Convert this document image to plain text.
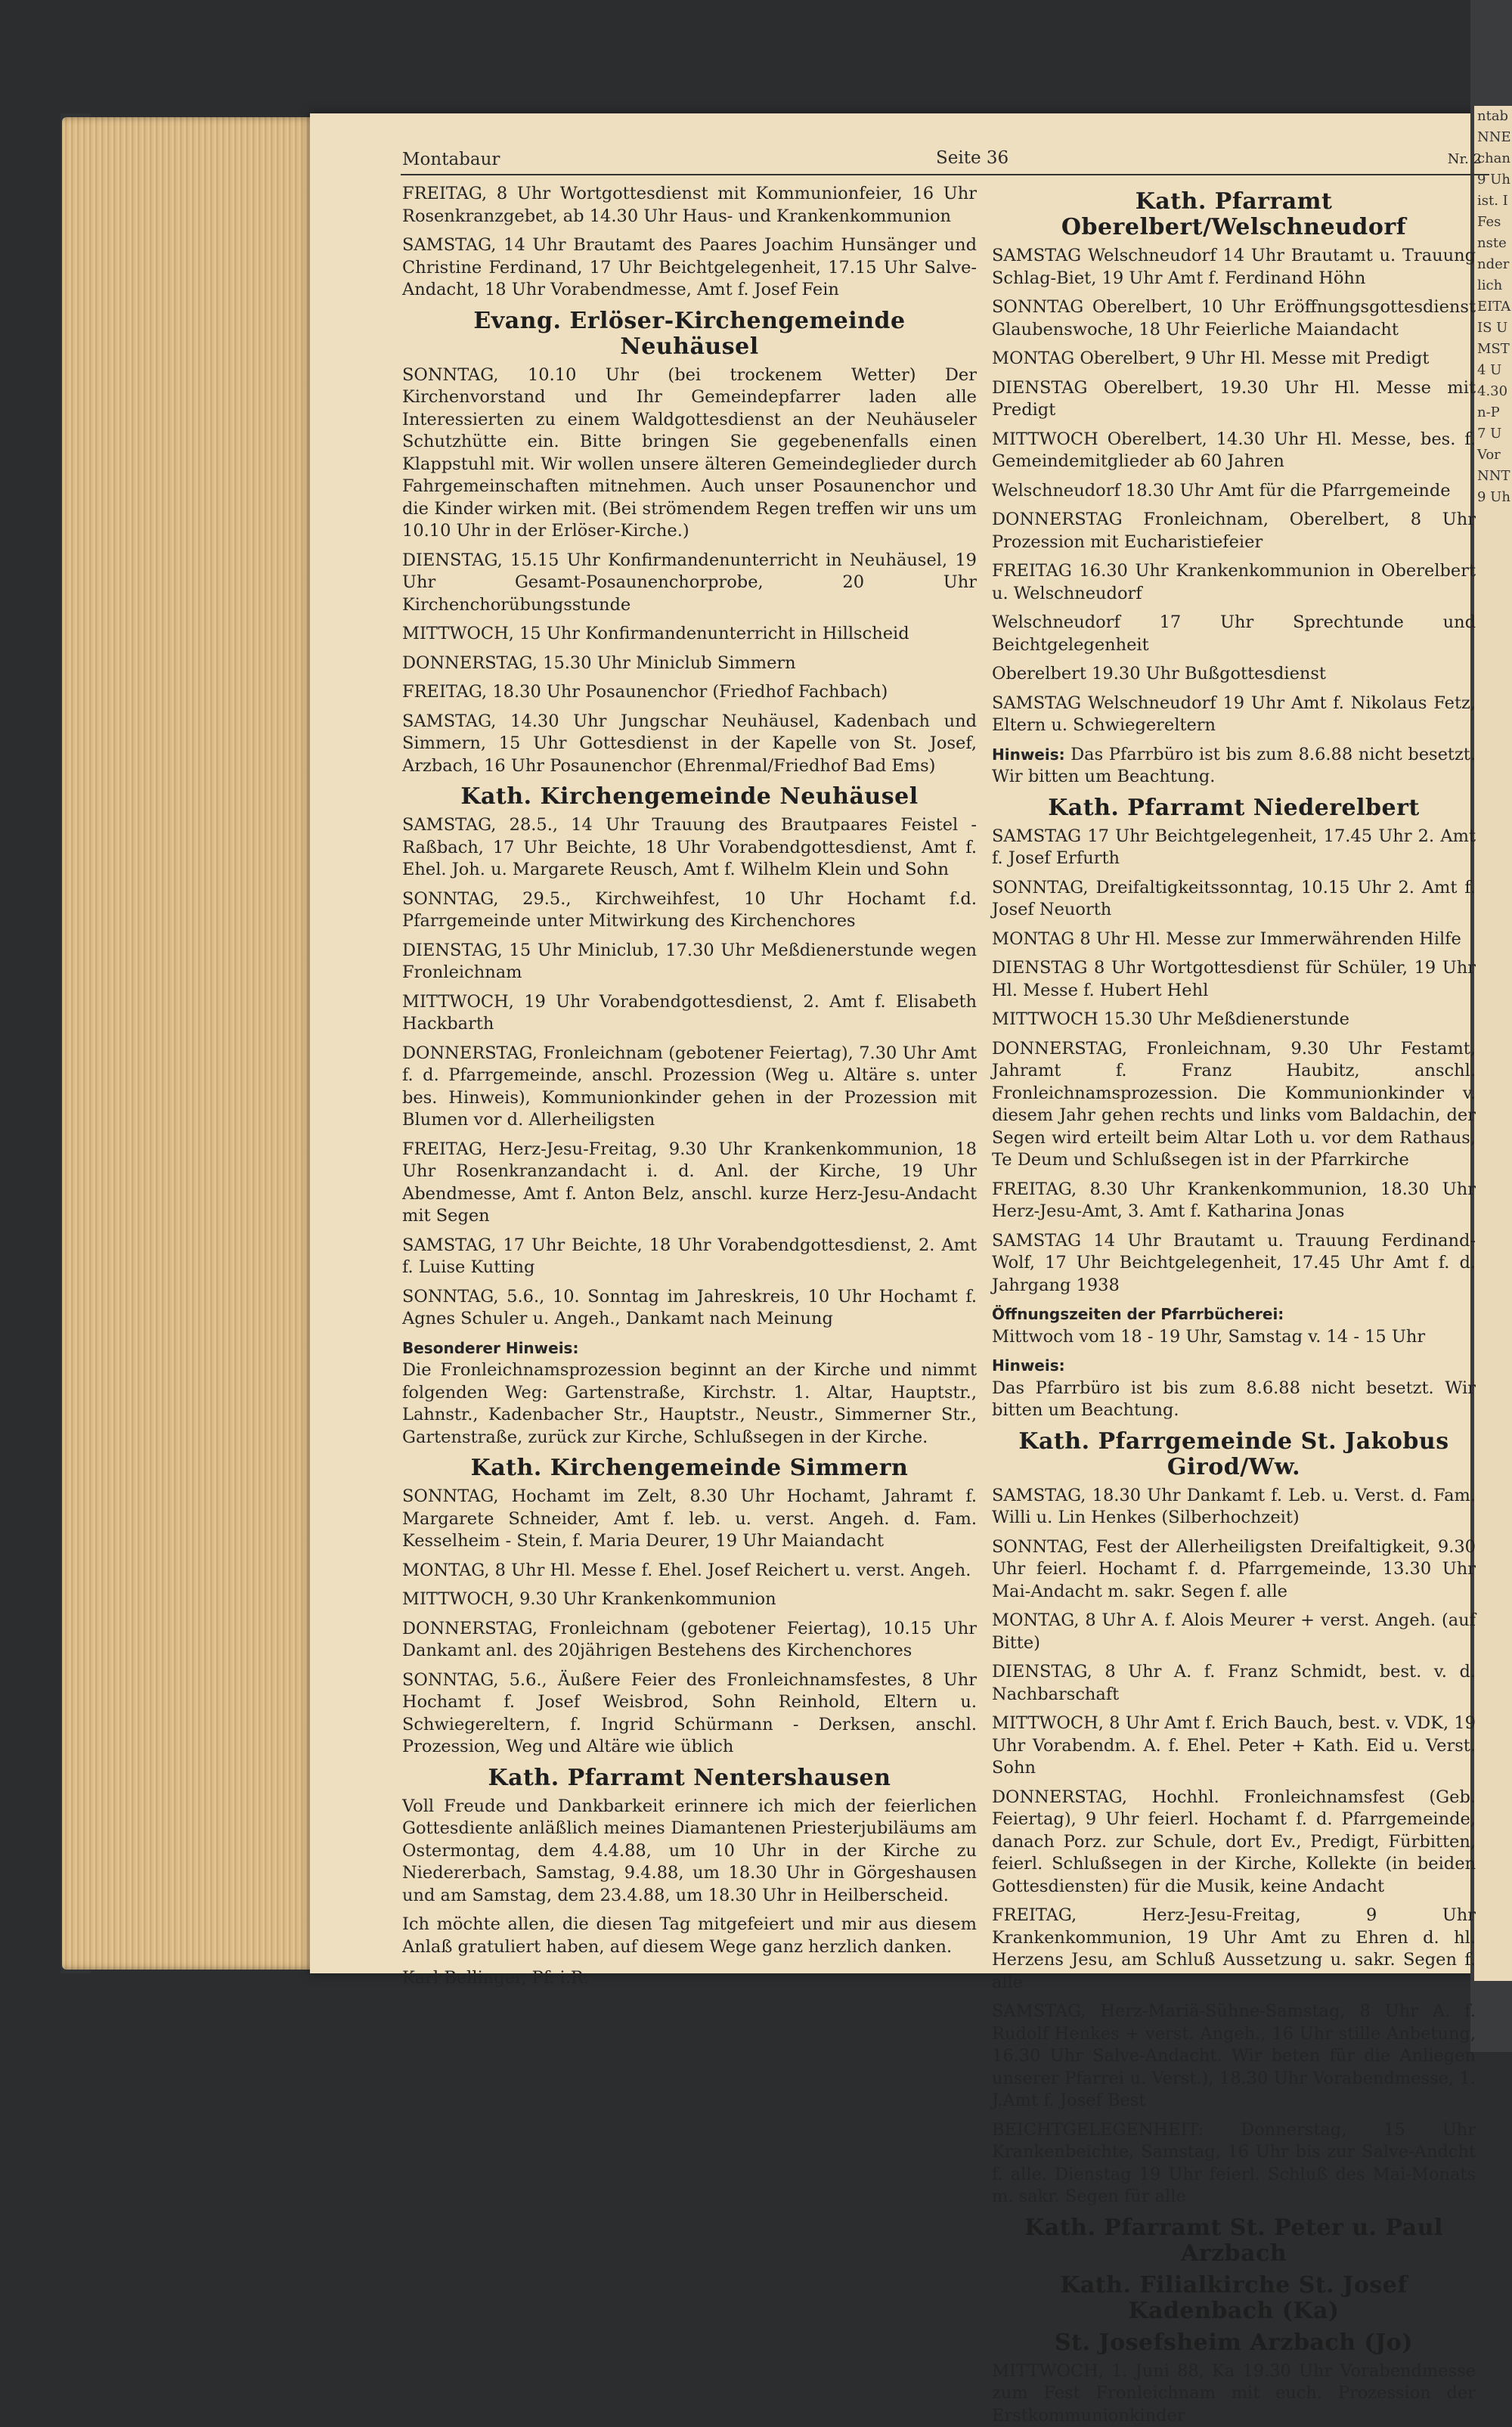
ntab
NNE
chan
9 Uh
ist. I
Fes
nste
nder
lich
EITA
IS U
MST
4 U
4.30
n-P
7 U
Vor
NNT
9 Uh
Montabaur	Seite 36	Nr. 2

FREITAG, 8 Uhr Wortgottesdienst mit Kommunionfeier, 16 Uhr Rosenkranzgebet, ab 14.30 Uhr Haus- und Krankenkommunion

SAMSTAG, 14 Uhr Brautamt des Paares Joachim Hunsänger und Christine Ferdinand, 17 Uhr Beichtgelegenheit, 17.15 Uhr Salve-Andacht, 18 Uhr Vorabendmesse, Amt f. Josef Fein

Evang. Erlöser-Kirchengemeinde Neuhäusel

SONNTAG, 10.10 Uhr (bei trockenem Wetter) Der Kirchenvorstand und Ihr Gemeindepfarrer laden alle Interessierten zu einem Waldgottesdienst an der Neuhäuseler Schutzhütte ein. Bitte bringen Sie gegebenenfalls einen Klappstuhl mit. Wir wollen unsere älteren Gemeindeglieder durch Fahrgemeinschaften mitnehmen. Auch unser Posaunenchor und die Kinder wirken mit. (Bei strömendem Regen treffen wir uns um 10.10 Uhr in der Erlöser-Kirche.)

DIENSTAG, 15.15 Uhr Konfirmandenunterricht in Neuhäusel, 19 Uhr Gesamt-Posaunenchorprobe, 20 Uhr Kirchenchorübungsstunde

MITTWOCH, 15 Uhr Konfirmandenunterricht in Hillscheid

DONNERSTAG, 15.30 Uhr Miniclub Simmern

FREITAG, 18.30 Uhr Posaunenchor (Friedhof Fachbach)

SAMSTAG, 14.30 Uhr Jungschar Neuhäusel, Kadenbach und Simmern, 15 Uhr Gottesdienst in der Kapelle von St. Josef, Arzbach, 16 Uhr Posaunenchor (Ehrenmal/Friedhof Bad Ems)

Kath. Kirchengemeinde Neuhäusel

SAMSTAG, 28.5., 14 Uhr Trauung des Brautpaares Feistel - Raßbach, 17 Uhr Beichte, 18 Uhr Vorabendgottesdienst, Amt f. Ehel. Joh. u. Margarete Reusch, Amt f. Wilhelm Klein und Sohn

SONNTAG, 29.5., Kirchweihfest, 10 Uhr Hochamt f.d. Pfarrgemeinde unter Mitwirkung des Kirchenchores

DIENSTAG, 15 Uhr Miniclub, 17.30 Uhr Meßdienerstunde wegen Fronleichnam

MITTWOCH, 19 Uhr Vorabendgottesdienst, 2. Amt f. Elisabeth Hackbarth

DONNERSTAG, Fronleichnam (gebotener Feiertag), 7.30 Uhr Amt f. d. Pfarrgemeinde, anschl. Prozession (Weg u. Altäre s. unter bes. Hinweis), Kommunionkinder gehen in der Prozession mit Blumen vor d. Allerheiligsten

FREITAG, Herz-Jesu-Freitag, 9.30 Uhr Krankenkommunion, 18 Uhr Rosenkranzandacht i. d. Anl. der Kirche, 19 Uhr Abendmesse, Amt f. Anton Belz, anschl. kurze Herz-Jesu-Andacht mit Segen

SAMSTAG, 17 Uhr Beichte, 18 Uhr Vorabendgottesdienst, 2. Amt f. Luise Kutting

SONNTAG, 5.6., 10. Sonntag im Jahreskreis, 10 Uhr Hochamt f. Agnes Schuler u. Angeh., Dankamt nach Meinung

Besonderer Hinweis:
Die Fronleichnamsprozession beginnt an der Kirche und nimmt folgenden Weg: Gartenstraße, Kirchstr. 1. Altar, Hauptstr., Lahnstr., Kadenbacher Str., Hauptstr., Neustr., Simmerner Str., Gartenstraße, zurück zur Kirche, Schlußsegen in der Kirche.

Kath. Kirchengemeinde Simmern

SONNTAG, Hochamt im Zelt, 8.30 Uhr Hochamt, Jahramt f. Margarete Schneider, Amt f. leb. u. verst. Angeh. d. Fam. Kesselheim - Stein, f. Maria Deurer, 19 Uhr Maiandacht

MONTAG, 8 Uhr Hl. Messe f. Ehel. Josef Reichert u. verst. Angeh.

MITTWOCH, 9.30 Uhr Krankenkommunion

DONNERSTAG, Fronleichnam (gebotener Feiertag), 10.15 Uhr Dankamt anl. des 20jährigen Bestehens des Kirchenchores

SONNTAG, 5.6., Äußere Feier des Fronleichnamsfestes, 8 Uhr Hochamt f. Josef Weisbrod, Sohn Reinhold, Eltern u. Schwiegereltern, f. Ingrid Schürmann - Derksen, anschl. Prozession, Weg und Altäre wie üblich

Kath. Pfarramt Nentershausen

Voll Freude und Dankbarkeit erinnere ich mich der feierlichen Gottesdiente anläßlich meines Diamantenen Priesterjubiläums am Ostermontag, dem 4.4.88, um 10 Uhr in der Kirche zu Niedererbach, Samstag, 9.4.88, um 18.30 Uhr in Görgeshausen und am Samstag, dem 23.4.88, um 18.30 Uhr in Heilberscheid.

Ich möchte allen, die diesen Tag mitgefeiert und mir aus diesem Anlaß gratuliert haben, auf diesem Wege ganz herzlich danken.

Karl Bellinger, Pf. i.R.

Kath. Pfarramt Oberelbert/Welschneudorf

SAMSTAG Welschneudorf 14 Uhr Brautamt u. Trauung Schlag-Biet, 19 Uhr Amt f. Ferdinand Höhn

SONNTAG Oberelbert, 10 Uhr Eröffnungsgottesdienst Glaubenswoche, 18 Uhr Feierliche Maiandacht

MONTAG Oberelbert, 9 Uhr Hl. Messe mit Predigt

DIENSTAG Oberelbert, 19.30 Uhr Hl. Messe mit Predigt

MITTWOCH Oberelbert, 14.30 Uhr Hl. Messe, bes. f. Gemeindemitglieder ab 60 Jahren

Welschneudorf 18.30 Uhr Amt für die Pfarrgemeinde

DONNERSTAG Fronleichnam, Oberelbert, 8 Uhr Prozession mit Eucharistiefeier

FREITAG 16.30 Uhr Krankenkommunion in Oberelbert u. Welschneudorf

Welschneudorf 17 Uhr Sprechtunde und Beichtgelegenheit

Oberelbert 19.30 Uhr Bußgottesdienst

SAMSTAG Welschneudorf 19 Uhr Amt f. Nikolaus Fetz, Eltern u. Schwiegereltern

Hinweis: Das Pfarrbüro ist bis zum 8.6.88 nicht besetzt. Wir bitten um Beachtung.

Kath. Pfarramt Niederelbert

SAMSTAG 17 Uhr Beichtgelegenheit, 17.45 Uhr 2. Amt f. Josef Erfurth

SONNTAG, Dreifaltigkeitssonntag, 10.15 Uhr 2. Amt f. Josef Neuorth

MONTAG 8 Uhr Hl. Messe zur Immerwährenden Hilfe

DIENSTAG 8 Uhr Wortgottesdienst für Schüler, 19 Uhr Hl. Messe f. Hubert Hehl

MITTWOCH 15.30 Uhr Meßdienerstunde

DONNERSTAG, Fronleichnam, 9.30 Uhr Festamt, Jahramt f. Franz Haubitz, anschl. Fronleichnamsprozession. Die Kommunionkinder v. diesem Jahr gehen rechts und links vom Baldachin, der Segen wird erteilt beim Altar Loth u. vor dem Rathaus, Te Deum und Schlußsegen ist in der Pfarrkirche

FREITAG, 8.30 Uhr Krankenkommunion, 18.30 Uhr Herz-Jesu-Amt, 3. Amt f. Katharina Jonas

SAMSTAG 14 Uhr Brautamt u. Trauung Ferdinand-Wolf, 17 Uhr Beichtgelegenheit, 17.45 Uhr Amt f. d. Jahrgang 1938

Öffnungszeiten der Pfarrbücherei:
Mittwoch vom 18 - 19 Uhr, Samstag v. 14 - 15 Uhr

Hinweis:
Das Pfarrbüro ist bis zum 8.6.88 nicht besetzt. Wir bitten um Beachtung.

Kath. Pfarrgemeinde St. Jakobus Girod/Ww.

SAMSTAG, 18.30 Uhr Dankamt f. Leb. u. Verst. d. Fam. Willi u. Lin Henkes (Silberhochzeit)

SONNTAG, Fest der Allerheiligsten Dreifaltigkeit, 9.30 Uhr feierl. Hochamt f. d. Pfarrgemeinde, 13.30 Uhr Mai-Andacht m. sakr. Segen f. alle

MONTAG, 8 Uhr A. f. Alois Meurer + verst. Angeh. (auf Bitte)

DIENSTAG, 8 Uhr A. f. Franz Schmidt, best. v. d. Nachbarschaft

MITTWOCH, 8 Uhr Amt f. Erich Bauch, best. v. VDK, 19 Uhr Vorabendm. A. f. Ehel. Peter + Kath. Eid u. Verst. Sohn

DONNERSTAG, Hochhl. Fronleichnamsfest (Geb. Feiertag), 9 Uhr feierl. Hochamt f. d. Pfarrgemeinde, danach Porz. zur Schule, dort Ev., Predigt, Fürbitten, feierl. Schlußsegen in der Kirche, Kollekte (in beiden Gottesdiensten) für die Musik, keine Andacht

FREITAG, Herz-Jesu-Freitag, 9 Uhr Krankenkommunion, 19 Uhr Amt zu Ehren d. hl. Herzens Jesu, am Schluß Aussetzung u. sakr. Segen f. alle

SAMSTAG, Herz-Mariä-Sühne-Samstag, 8 Uhr A. f. Rudolf Henkes + verst. Angeh., 16 Uhr stille Anbetung, 16.30 Uhr Salve-Andacht. Wir beten für die Anliegen unserer Pfarrei u. Verst.), 18.30 Uhr Vorabendmesse, 1. J.Amt f. Josef Best

BEICHTGELEGENHEIT: Donnerstag, 15 Uhr Krankenbeichte, Samstag, 16 Uhr bis zur Salve-Andcht f. alle. Dienstag 19 Uhr feierl. Schluß des Mai-Monats m. sakr. Segen für alle

Kath. Pfarramt St. Peter u. Paul Arzbach
Kath. Filialkirche St. Josef Kadenbach (Ka)
St. Josefsheim Arzbach (Jo)

MITTWOCH, 1. Juni 88, Ka 19.30 Uhr Vorabendmesse zum Fest Fronleichnam mit euch. Prozession der Erstkommunionkinder
